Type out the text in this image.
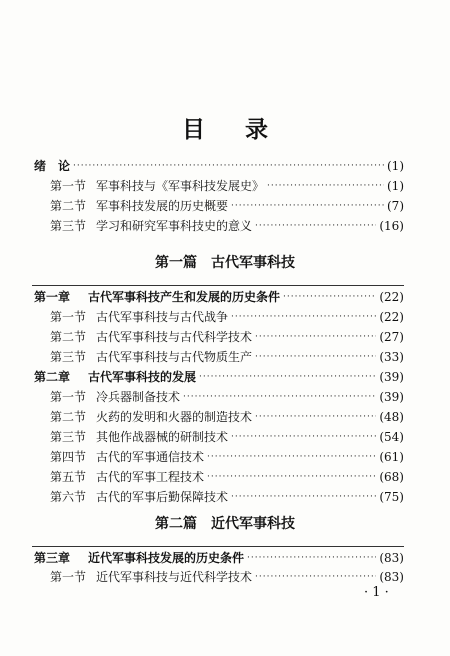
目 录
绪　论 ·····	(1)
第一节 军事科技与《军事科技发展史》 ·····	(1)
第二节 军事科技发展的历史概要 ·····	(7)
第三节 学习和研究军事科技史的意义 ·····	(16)
第一篇 古代军事科技
第一章	古代军事科技产生和发展的历史条件 ·····	(22)
第一节 古代军事科技与古代战争 ·····	(22)
第二节 古代军事科技与古代科学技术 ·····	(27)
第三节 古代军事科技与古代物质生产 ·····	(33)
第二章	古代军事科技的发展 ·····	(39)
第一节 冷兵器制备技术 ·····	(39)
第二节 火药的发明和火器的制造技术 ·····	(48)
第三节 其他作战器械的研制技术 ·····	(54)
第四节 古代的军事通信技术 ·····	(61)
第五节 古代的军事工程技术 ·····	(68)
第六节 古代的军事后勤保障技术 ·····	(75)
第二篇 近代军事科技
第三章	近代军事科技发展的历史条件 ·····	(83)
第一节 近代军事科技与近代科学技术 ·····	(83)
· 1 ·
